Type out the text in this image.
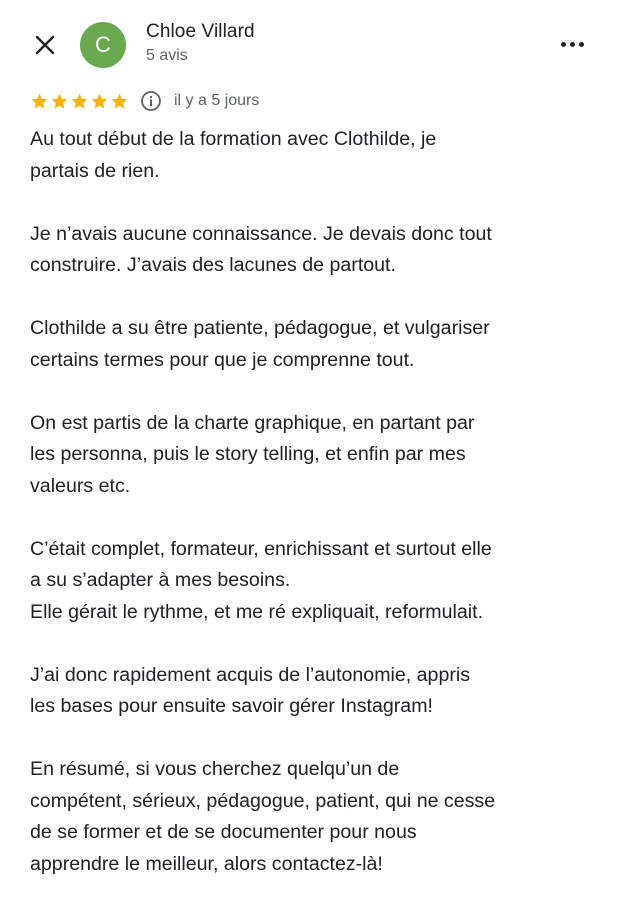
C
Chloe Villard
5 avis
il y a 5 jours

Au tout début de la formation avec Clothilde, je
partais de rien.

Je n’avais aucune connaissance. Je devais donc tout
construire. J’avais des lacunes de partout.

Clothilde a su être patiente, pédagogue, et vulgariser
certains termes pour que je comprenne tout.

On est partis de la charte graphique, en partant par
les personna, puis le story telling, et enfin par mes
valeurs etc.

C’était complet, formateur, enrichissant et surtout elle
a su s’adapter à mes besoins.

Elle gérait le rythme, et me ré expliquait, reformulait.

J’ai donc rapidement acquis de l’autonomie, appris
les bases pour ensuite savoir gérer Instagram!

En résumé, si vous cherchez quelqu’un de
compétent, sérieux, pédagogue, patient, qui ne cesse
de se former et de se documenter pour nous
apprendre le meilleur, alors contactez-là!
